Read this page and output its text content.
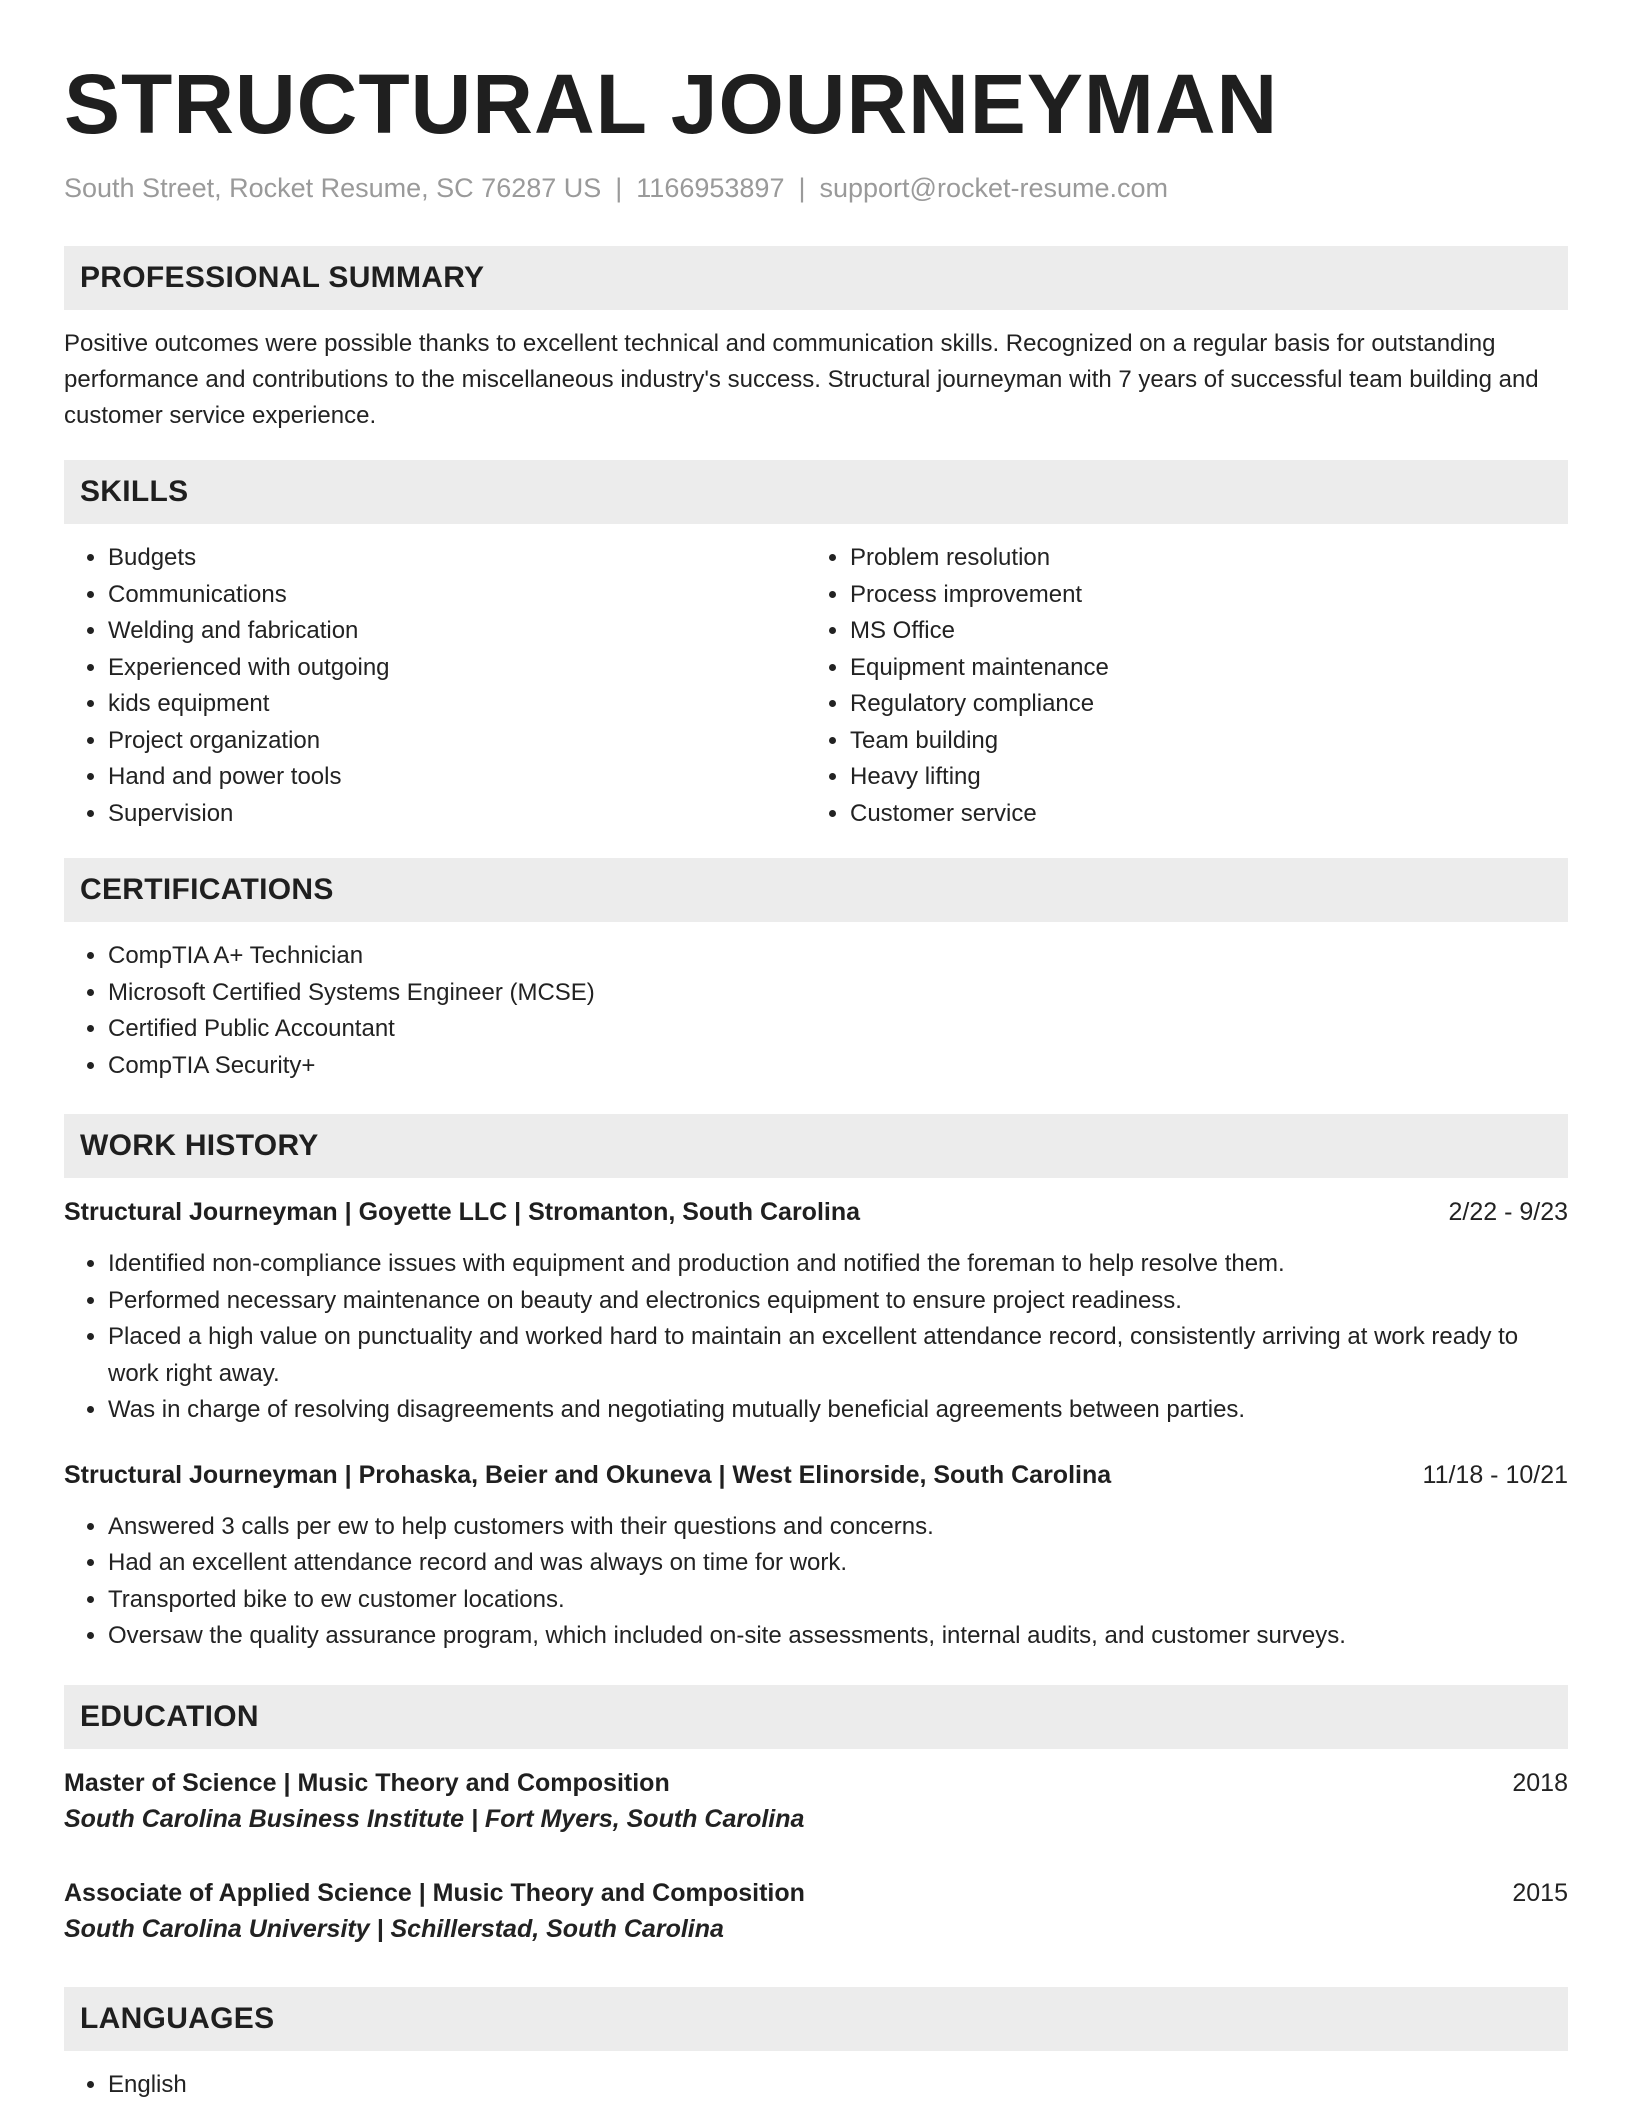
STRUCTURAL JOURNEYMAN
South Street, Rocket Resume, SC 76287 US | 1166953897 | support@rocket-resume.com
PROFESSIONAL SUMMARY

Positive outcomes were possible thanks to excellent technical and communication skills. Recognized on a regular basis for outstanding performance and contributions to the miscellaneous industry's success. Structural journeyman with 7 years of successful team building and customer service experience.

SKILLS
• Budgets
• Communications
• Welding and fabrication
• Experienced with outgoing
• kids equipment
• Project organization
• Hand and power tools
• Supervision
• Problem resolution
• Process improvement
• MS Office
• Equipment maintenance
• Regulatory compliance
• Team building
• Heavy lifting
• Customer service
CERTIFICATIONS
• CompTIA A+ Technician
• Microsoft Certified Systems Engineer (MCSE)
• Certified Public Accountant
• CompTIA Security+
WORK HISTORY
Structural Journeyman | Goyette LLC | Stromanton, South Carolina	2/22 - 9/23
• Identified non-compliance issues with equipment and production and notified the foreman to help resolve them.
• Performed necessary maintenance on beauty and electronics equipment to ensure project readiness.
• Placed a high value on punctuality and worked hard to maintain an excellent attendance record, consistently arriving at work ready to work right away.
• Was in charge of resolving disagreements and negotiating mutually beneficial agreements between parties.
Structural Journeyman | Prohaska, Beier and Okuneva | West Elinorside, South Carolina	11/18 - 10/21
• Answered 3 calls per ew to help customers with their questions and concerns.
• Had an excellent attendance record and was always on time for work.
• Transported bike to ew customer locations.
• Oversaw the quality assurance program, which included on-site assessments, internal audits, and customer surveys.
EDUCATION
Master of Science | Music Theory and Composition	2018
South Carolina Business Institute | Fort Myers, South Carolina
Associate of Applied Science | Music Theory and Composition	2015
South Carolina University | Schillerstad, South Carolina
LANGUAGES
• English
